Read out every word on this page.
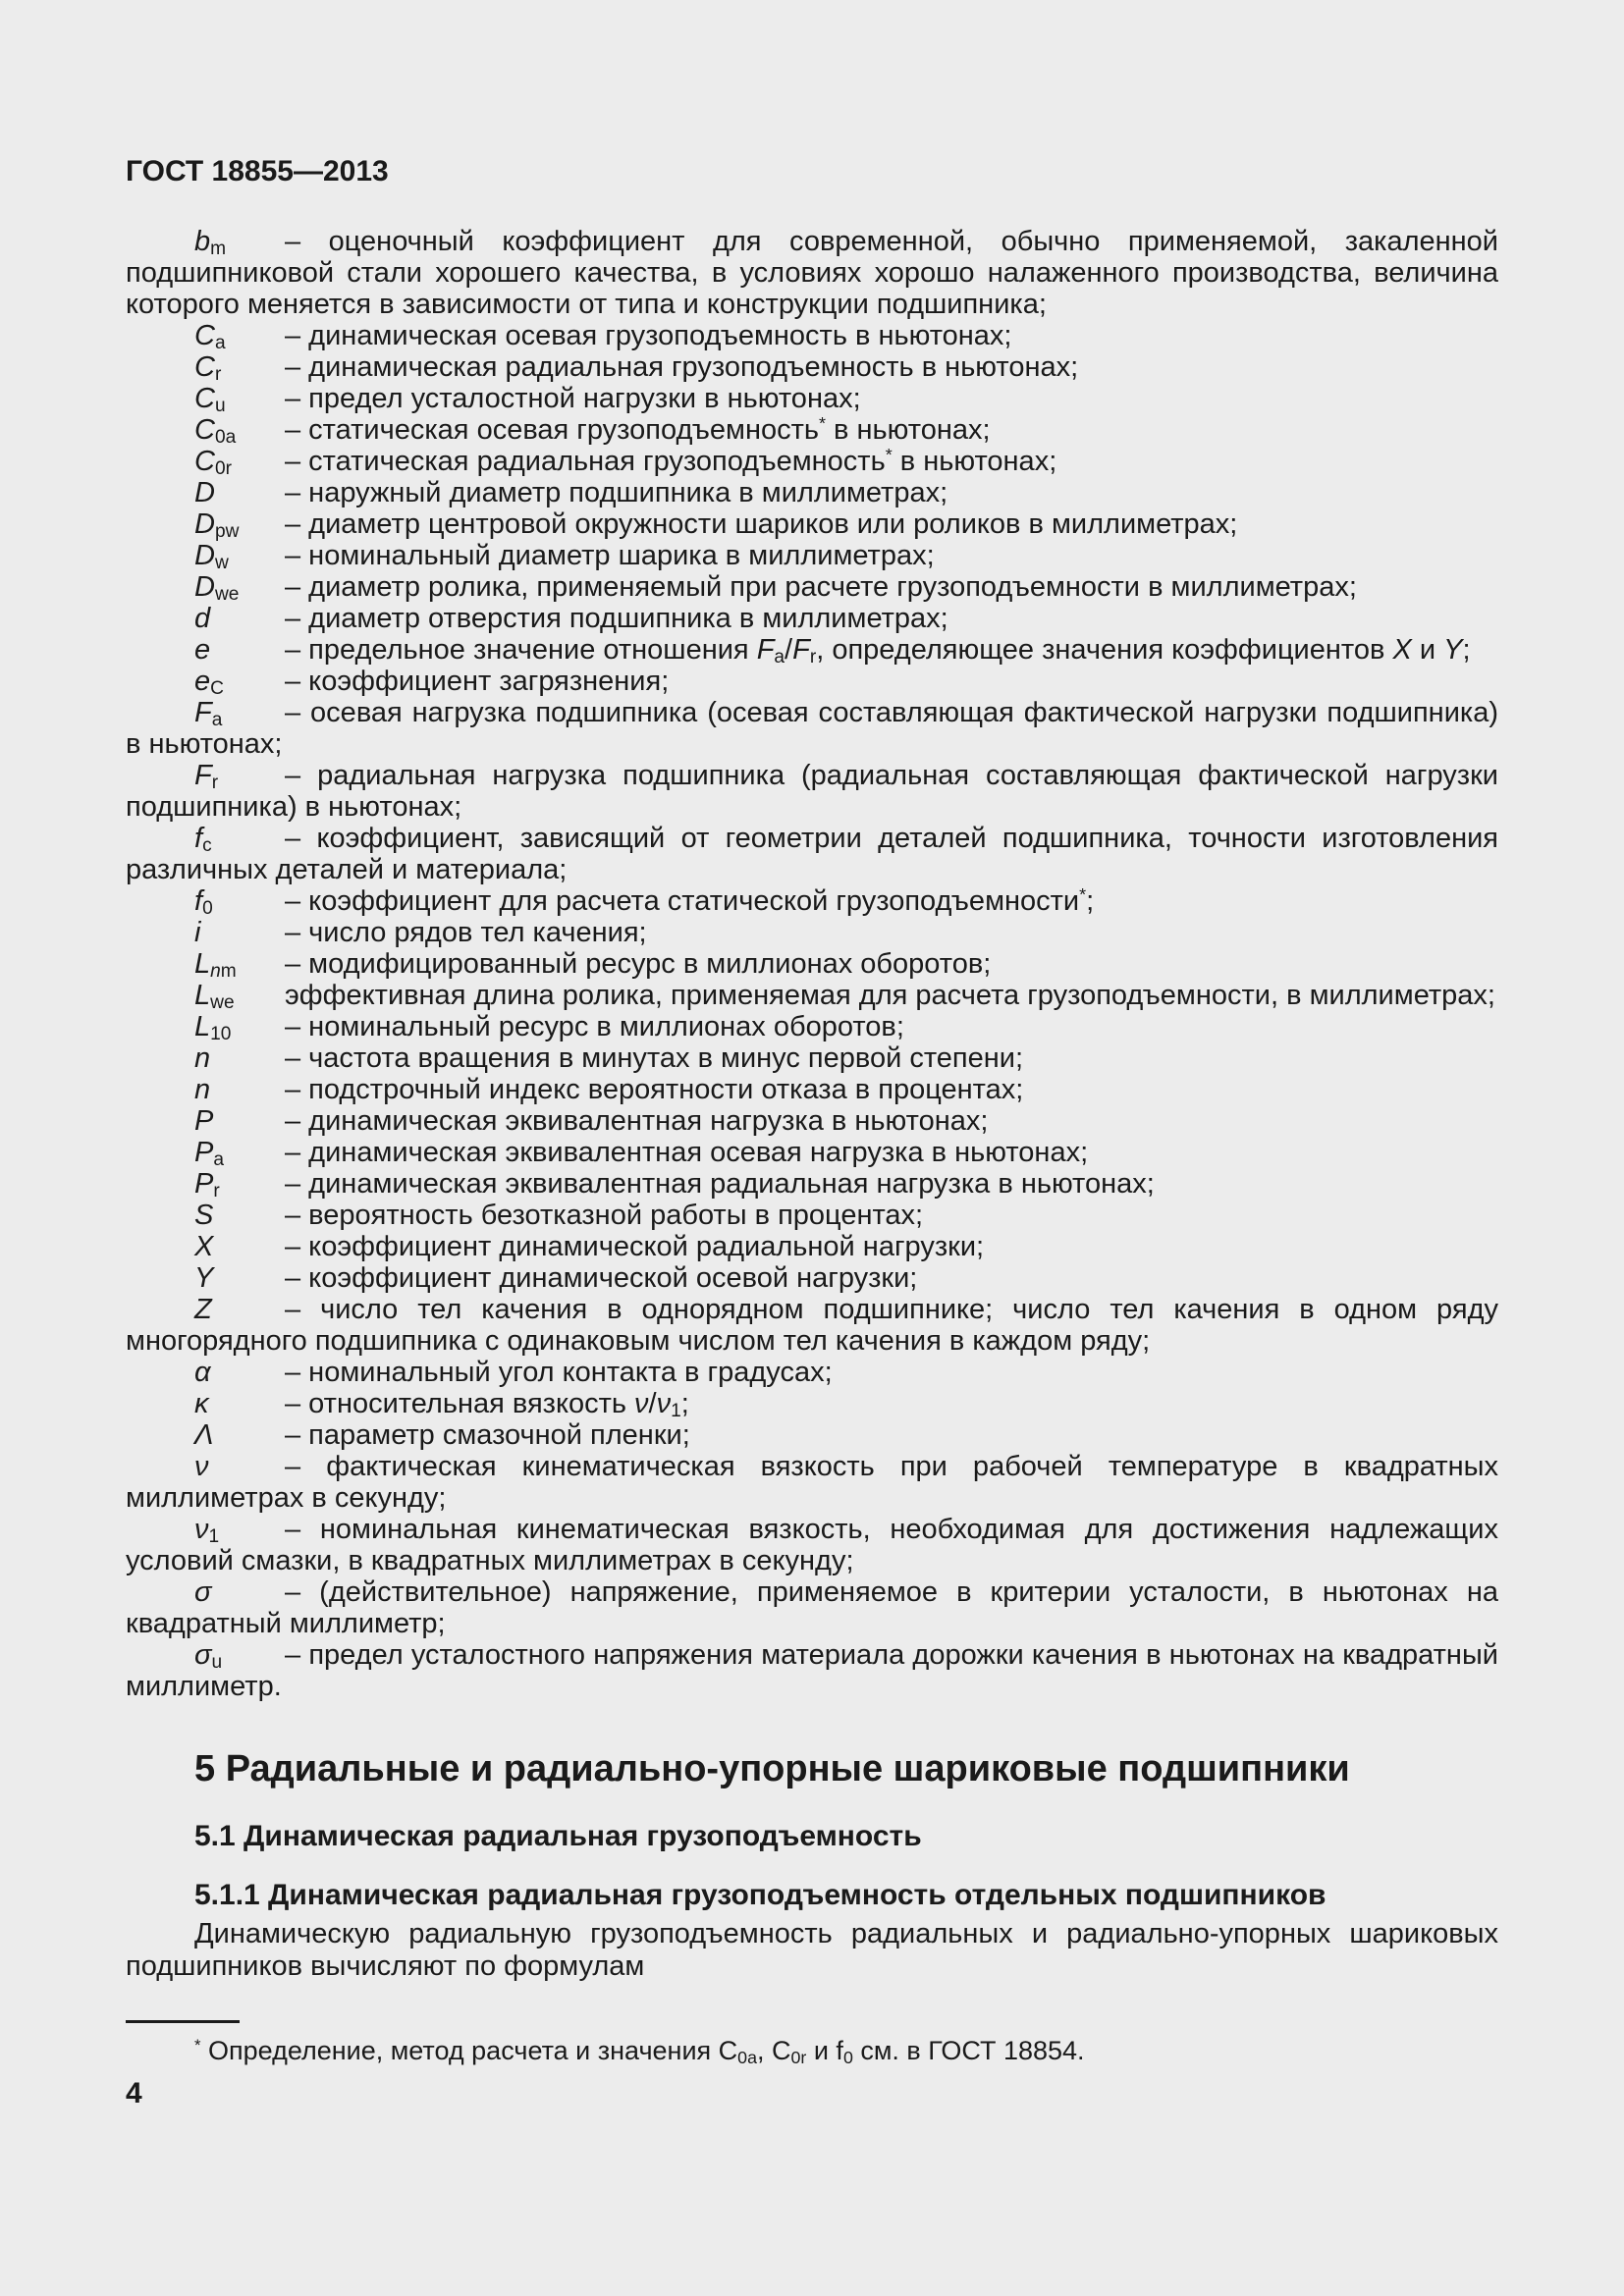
ГОСТ 18855—2013

$b_m$ – оценочный коэффициент для современной, обычно применяемой, закаленной подшипниковой стали хорошего качества, в условиях хорошо налаженного производства, величина которого меняется в зависимости от типа и конструкции подшипника;

$C_a$ – динамическая осевая грузоподъемность в ньютонах;

$C_r$ – динамическая радиальная грузоподъемность в ньютонах;

$C_u$ – предел усталостной нагрузки в ньютонах;

$C_{0a}$ – статическая осевая грузоподъемность* в ньютонах;

$C_{0r}$ – статическая радиальная грузоподъемность* в ньютонах;

D – наружный диаметр подшипника в миллиметрах;

$D_{pw}$ – диаметр центровой окружности шариков или роликов в миллиметрах;

$D_w$ – номинальный диаметр шарика в миллиметрах;

$D_{we}$ – диаметр ролика, применяемый при расчете грузоподъемности в миллиметрах;

d	– диаметр отверстия подшипника в миллиметрах;

e	– предельное значение отношения $F_a/F_r$, определяющее значения коэффициентов X и Y;

$e_C$ – коэффициент загрязнения;

$F_a$ – осевая нагрузка подшипника (осевая составляющая фактической нагрузки подшипника) в ньютонах;

$F_r$ – радиальная нагрузка подшипника (радиальная составляющая фактической нагрузки подшипника) в ньютонах;

$f_c$	– коэффициент, зависящий от геометрии деталей подшипника, точности изготовления различных деталей и материала;

$f_0$	– коэффициент для расчета статической грузоподъемности*;

i	– число рядов тел качения;

$L_{nm}$ – модифицированный ресурс в миллионах оборотов;

$L_{we}$ эффективная длина ролика, применяемая для расчета грузоподъемности, в миллиметрах;

$L_{10}$ – номинальный ресурс в миллионах оборотов;

n	– частота вращения в минутах в минус первой степени;

n	– подстрочный индекс вероятности отказа в процентах;

P	– динамическая эквивалентная нагрузка в ньютонах;

$P_a$ – динамическая эквивалентная осевая нагрузка в ньютонах;

$P_r$ – динамическая эквивалентная радиальная нагрузка в ньютонах;

S	– вероятность безотказной работы в процентах;

X	– коэффициент динамической радиальной нагрузки;

Y	– коэффициент динамической осевой нагрузки;

Z	– число тел качения в однорядном подшипнике; число тел качения в одном ряду многорядного подшипника с одинаковым числом тел качения в каждом ряду;

α	– номинальный угол контакта в градусах;

κ	– относительная вязкость $\nu/\nu_1$;

Λ	– параметр смазочной пленки;

ν	– фактическая кинематическая вязкость при рабочей температуре в квадратных миллиметрах в секунду;

$\nu_1$ – номинальная кинематическая вязкость, необходимая для достижения надлежащих условий смазки, в квадратных миллиметрах в секунду;

σ	– (действительное) напряжение, применяемое в критерии усталости, в ньютонах на квадратный миллиметр;

$\sigma_u$ – предел усталостного напряжения материала дорожки качения в ньютонах на квадратный миллиметр.

5 Радиальные и радиально-упорные шариковые подшипники
5.1 Динамическая радиальная грузоподъемность
5.1.1 Динамическая радиальная грузоподъемность отдельных подшипников

Динамическую радиальную грузоподъемность радиальных и радиально-упорных шариковых подшипников вычисляют по формулам

* Определение, метод расчета и значения $C_{0a}$, $C_{0r}$ и $f_0$ см. в ГОСТ 18854.
4
